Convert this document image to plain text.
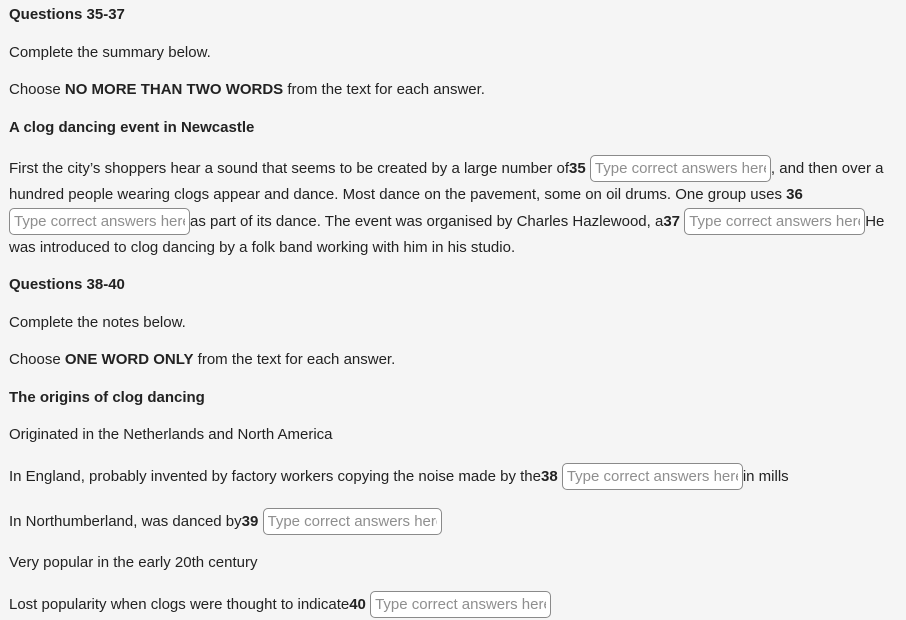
Questions 35-37
Complete the summary below.
Choose NO MORE THAN TWO WORDS from the text for each answer.
A clog dancing event in Newcastle
First the city’s shoppers hear a sound that seems to be created by a large number of35 Type correct answers here	, and then over a
hundred people wearing clogs appear and dance. Most dance on the pavement, some on oil drums. One group uses 36
Type correct answers hereas part of its dance. The event was organised by Charles Hazlewood, a37 Type correct answers here	He
was introduced to clog dancing by a folk band working with him in his studio.
Questions 38-40
Complete the notes below.
Choose ONE WORD ONLY from the text for each answer.
The origins of clog dancing
Originated in the Netherlands and North America
In England, probably invented by factory workers copying the noise made by the38 Type correct answers here	in mills
In Northumberland, was danced by39 Type correct answers here
Very popular in the early 20th century
Lost popularity when clogs were thought to indicate40 Type correct answers here
